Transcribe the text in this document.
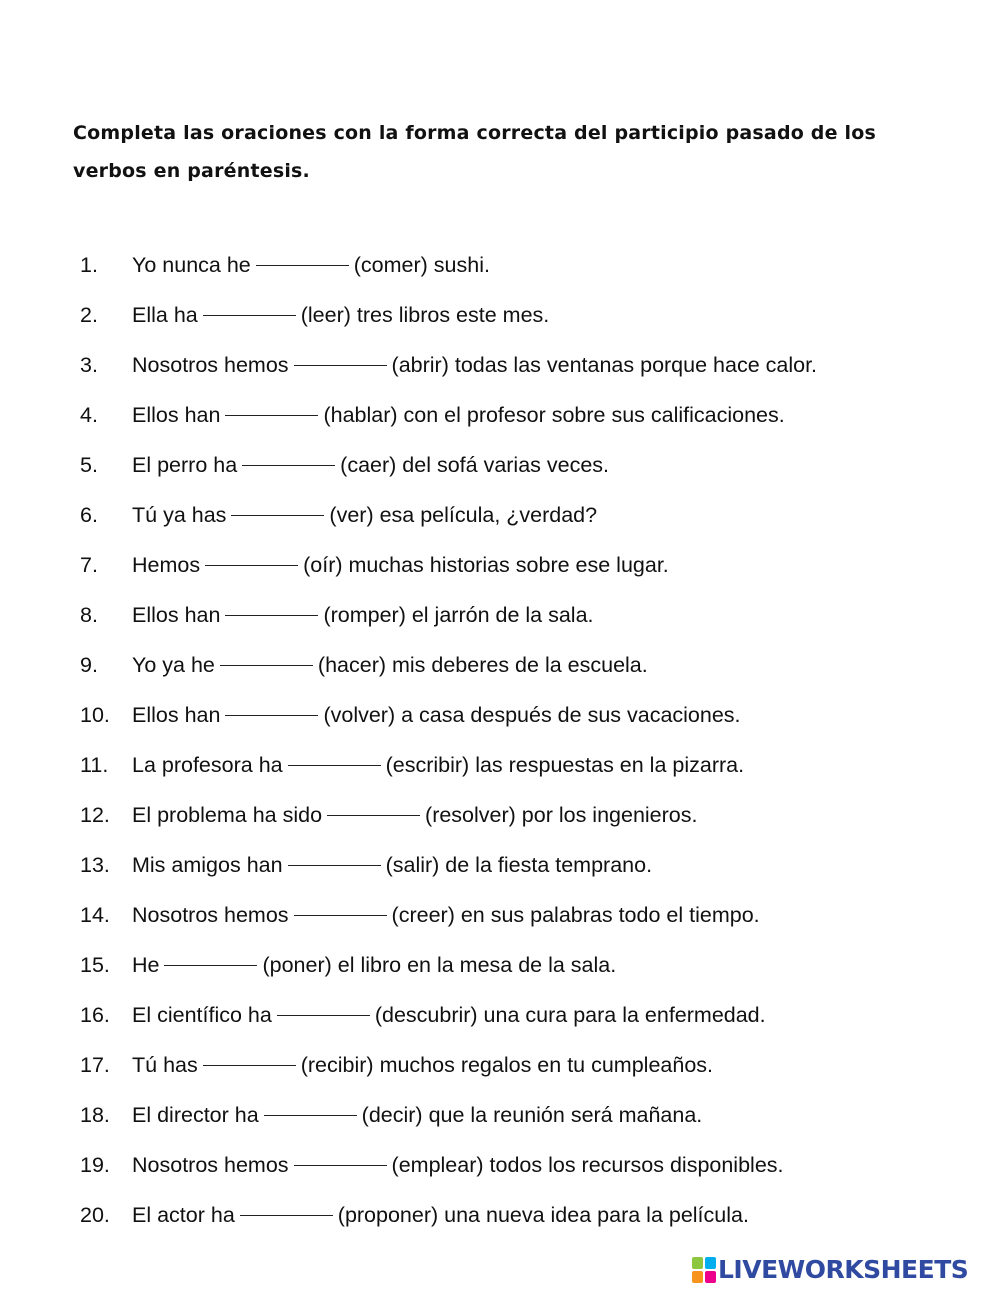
Completa las oraciones con la forma correcta del participio pasado de los verbos en paréntesis.

1.	Yo nunca he	(comer) sushi.
2.	Ella ha	(leer) tres libros este mes.
3.	Nosotros hemos	(abrir) todas las ventanas porque hace calor.
4.	Ellos han	(hablar) con el profesor sobre sus calificaciones.
5.	El perro ha	(caer) del sofá varias veces.
6.	Tú ya has	(ver) esa película, ¿verdad?
7.	Hemos	(oír) muchas historias sobre ese lugar.
8.	Ellos han	(romper) el jarrón de la sala.
9.	Yo ya he	(hacer) mis deberes de la escuela.
10.	Ellos han	(volver) a casa después de sus vacaciones.
11.	La profesora ha	(escribir) las respuestas en la pizarra.
12.	El problema ha sido	(resolver) por los ingenieros.
13.	Mis amigos han	(salir) de la fiesta temprano.
14.	Nosotros hemos	(creer) en sus palabras todo el tiempo.
15.	He	(poner) el libro en la mesa de la sala.
16.	El científico ha	(descubrir) una cura para la enfermedad.
17.	Tú has	(recibir) muchos regalos en tu cumpleaños.
18.	El director ha	(decir) que la reunión será mañana.
19.	Nosotros hemos	(emplear) todos los recursos disponibles.
20.	El actor ha	(proponer) una nueva idea para la película.
LIVEWORKSHEETS
